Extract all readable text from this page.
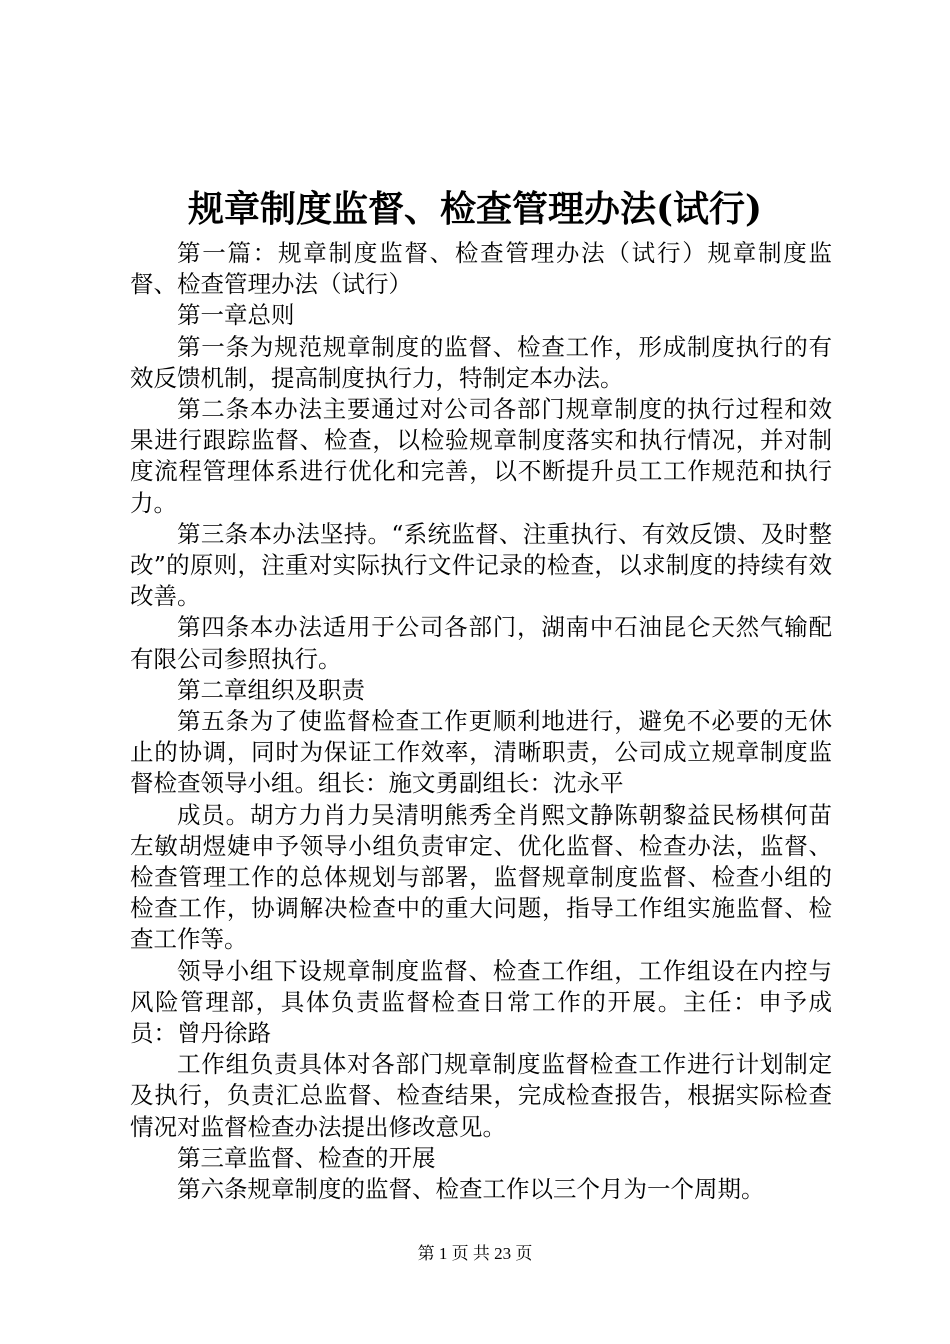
规章制度监督、检查管理办法(试行)

第一篇：规章制度监督、检查管理办法（试行）规章制度监督、检查管理办法（试行）

第一章总则

第一条为规范规章制度的监督、检查工作，形成制度执行的有效反馈机制，提高制度执行力，特制定本办法。

第二条本办法主要通过对公司各部门规章制度的执行过程和效果进行跟踪监督、检查，以检验规章制度落实和执行情况，并对制度流程管理体系进行优化和完善，以不断提升员工工作规范和执行力。

第三条本办法坚持。“系统监督、注重执行、有效反馈、及时整改”的原则，注重对实际执行文件记录的检查，以求制度的持续有效改善。

第四条本办法适用于公司各部门，湖南中石油昆仑天然气输配有限公司参照执行。

第二章组织及职责

第五条为了使监督检查工作更顺利地进行，避免不必要的无休止的协调，同时为保证工作效率，清晰职责，公司成立规章制度监督检查领导小组。组长：施文勇副组长：沈永平

成员。胡方力肖力吴清明熊秀全肖熙文静陈朝黎益民杨棋何苗左敏胡煜婕申予领导小组负责审定、优化监督、检查办法，监督、检查管理工作的总体规划与部署，监督规章制度监督、检查小组的检查工作，协调解决检查中的重大问题，指导工作组实施监督、检查工作等。

领导小组下设规章制度监督、检查工作组，工作组设在内控与风险管理部，具体负责监督检查日常工作的开展。主任：申予成员：曾丹徐路

工作组负责具体对各部门规章制度监督检查工作进行计划制定及执行，负责汇总监督、检查结果，完成检查报告，根据实际检查情况对监督检查办法提出修改意见。

第三章监督、检查的开展

第六条规章制度的监督、检查工作以三个月为一个周期。

第 1 页 共 23 页
